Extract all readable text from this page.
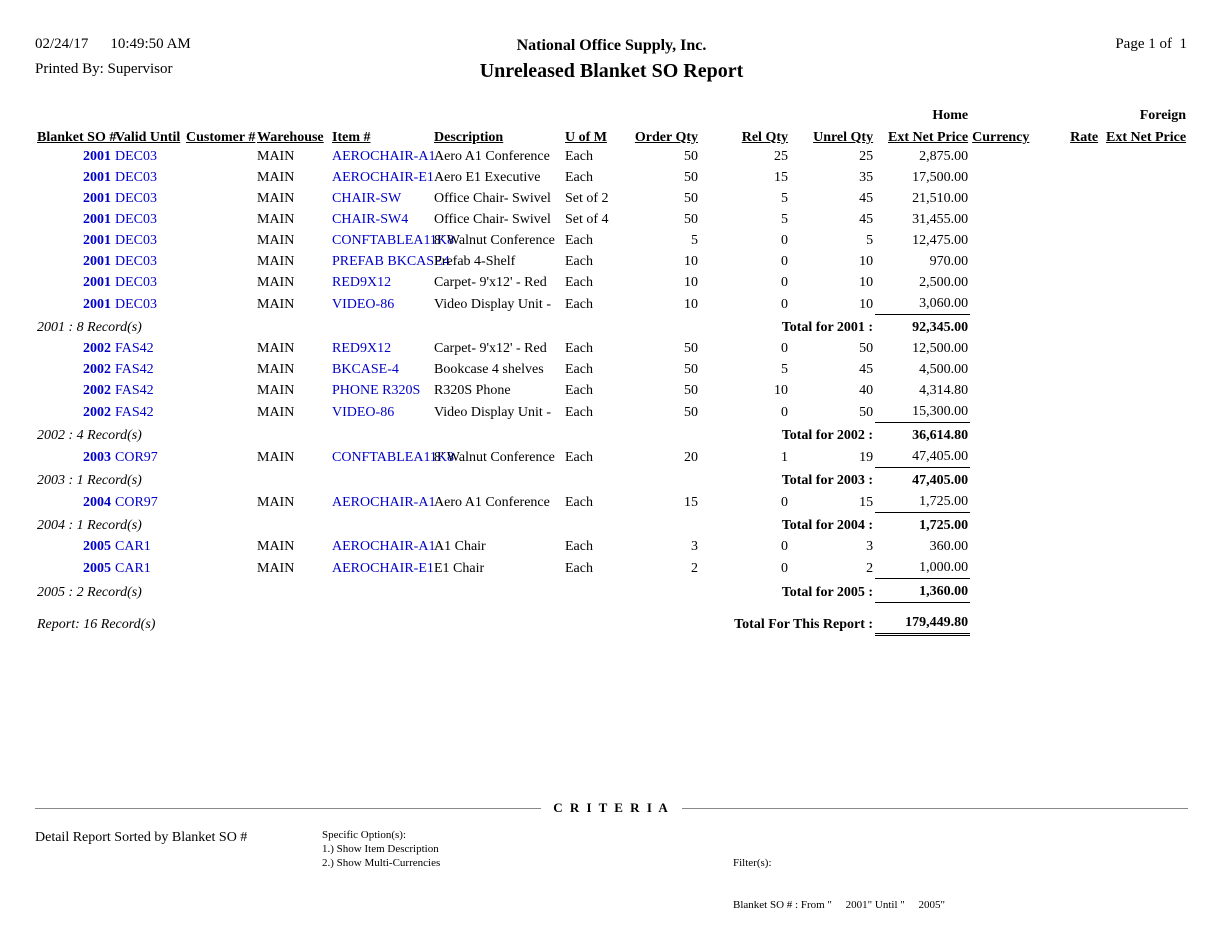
02/24/17 10:49:50 AM
Printed By: Supervisor
National Office Supply, Inc.
Unreleased Blanket SO Report
Page 1 of  1
										Home			Foreign
Blanket SO #	Valid Until	Customer #	Warehouse	Item #	Description	U of M	Order Qty	Rel Qty	Unrel Qty	Ext Net Price	Currency	Rate	Ext Net Price
2001	DEC03		MAIN	AEROCHAIR-A1	Aero A1 Conference	Each	50	25	25	2,875.00			
2001	DEC03		MAIN	AEROCHAIR-E1	Aero E1 Executive	Each	50	15	35	17,500.00			
2001	DEC03		MAIN	CHAIR-SW	Office Chair- Swivel	Set of 2	50	5	45	21,510.00			
2001	DEC03		MAIN	CHAIR-SW4	Office Chair- Swivel	Set of 4	50	5	45	31,455.00			
2001	DEC03		MAIN	CONFTABLEA11K8	8' Walnut Conference	Each	5	0	5	12,475.00			
2001	DEC03		MAIN	PREFAB BKCASE4	Prefab 4-Shelf	Each	10	0	10	970.00			
2001	DEC03		MAIN	RED9X12	Carpet- 9'x12' - Red	Each	10	0	10	2,500.00			
2001	DEC03		MAIN	VIDEO-86	Video Display Unit -	Each	10	0	10	3,060.00			
2001 : 8 Record(s)					Total for 2001 :					92,345.00			
2002	FAS42		MAIN	RED9X12	Carpet- 9'x12' - Red	Each	50	0	50	12,500.00			
2002	FAS42		MAIN	BKCASE-4	Bookcase 4 shelves	Each	50	5	45	4,500.00			
2002	FAS42		MAIN	PHONE R320S	R320S Phone	Each	50	10	40	4,314.80			
2002	FAS42		MAIN	VIDEO-86	Video Display Unit -	Each	50	0	50	15,300.00			
2002 : 4 Record(s)					Total for 2002 :					36,614.80			
2003	COR97		MAIN	CONFTABLEA11K8	8' Walnut Conference	Each	20	1	19	47,405.00			
2003 : 1 Record(s)					Total for 2003 :					47,405.00			
2004	COR97		MAIN	AEROCHAIR-A1	Aero A1 Conference	Each	15	0	15	1,725.00			
2004 : 1 Record(s)					Total for 2004 :					1,725.00			
2005	CAR1		MAIN	AEROCHAIR-A1	A1 Chair	Each	3	0	3	360.00			
2005	CAR1		MAIN	AEROCHAIR-E1	E1 Chair	Each	2	0	2	1,000.00			
2005 : 2 Record(s)					Total for 2005 :					1,360.00			
Report: 16 Record(s)					Total For This Report :					179,449.80			
C R I T E R I A
Detail Report Sorted by Blanket SO #	Specific Option(s):
1.) Show Item Description
2.) Show Multi-Currencies

	Filter(s):

Blanket SO # : From "     2001" Until "     2005"
